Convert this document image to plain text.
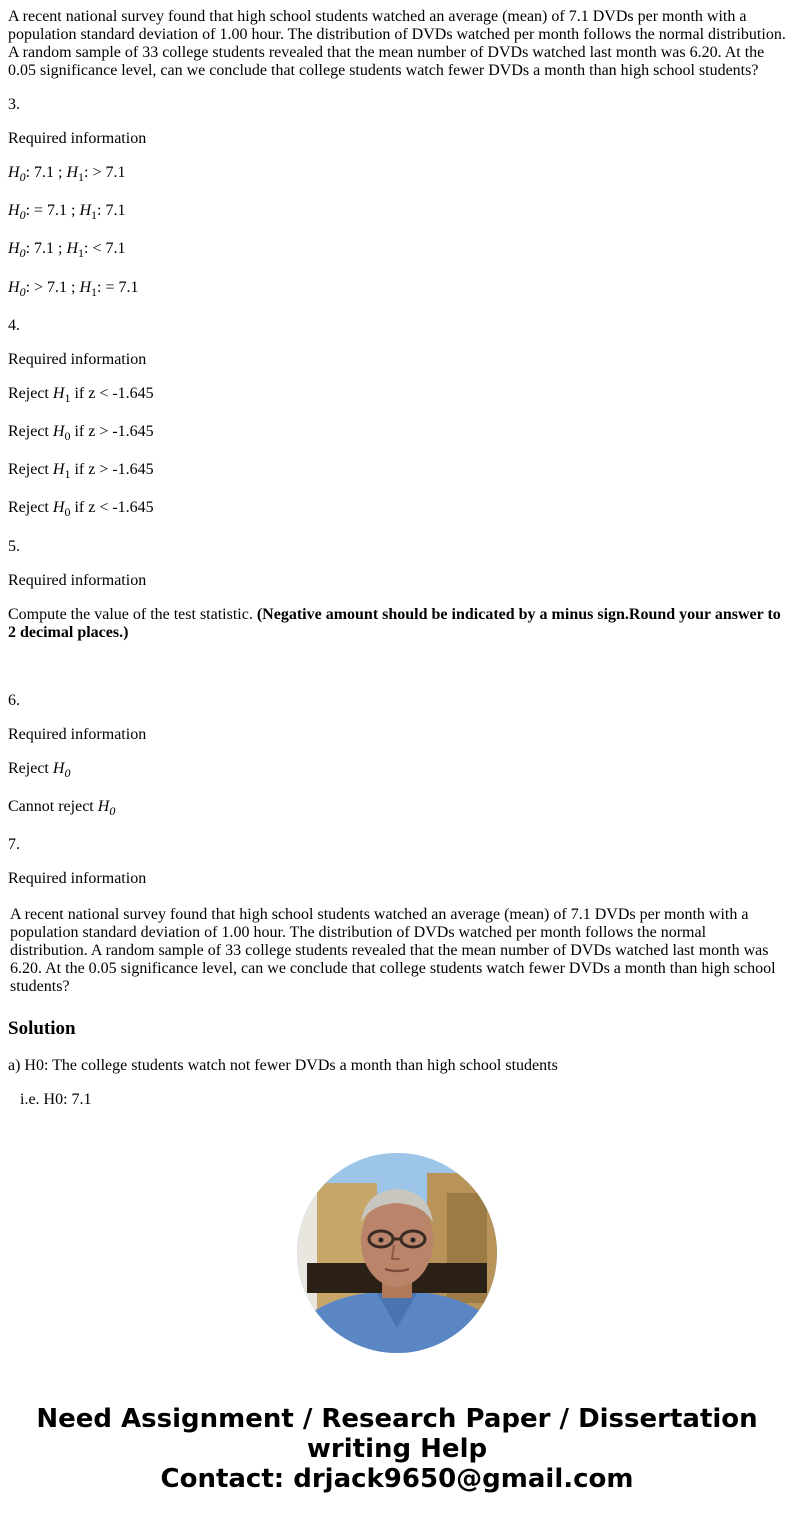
A recent national survey found that high school students watched an average (mean) of 7.1 DVDs per month with a population standard deviation of 1.00 hour. The distribution of DVDs watched per month follows the normal distribution. A random sample of 33 college students revealed that the mean number of DVDs watched last month was 6.20. At the 0.05 significance level, can we conclude that college students watch fewer DVDs a month than high school students?

3.

Required information

$H_0$: 7.1 ; $H_1$: > 7.1

$H_0$: = 7.1 ; $H_1$: 7.1

$H_0$: 7.1 ; $H_1$: < 7.1

$H_0$: > 7.1 ; $H_1$: = 7.1

4.

Required information

Reject $H_1$ if z < -1.645

Reject $H_0$ if z > -1.645

Reject $H_1$ if z > -1.645

Reject $H_0$ if z < -1.645

5.

Required information

Compute the value of the test statistic. (Negative amount should be indicated by a minus sign.Round your answer to 2 decimal places.)

6.

Required information

Reject $H_0$

Cannot reject $H_0$

7.

Required information

A recent national survey found that high school students watched an average (mean) of 7.1 DVDs per month with a population standard deviation of 1.00 hour. The distribution of DVDs watched per month follows the normal distribution. A random sample of 33 college students revealed that the mean number of DVDs watched last month was 6.20. At the 0.05 significance level, can we conclude that college students watch fewer DVDs a month than high school students?

Solution

a) H0: The college students watch not fewer DVDs a month than high school students

i.e. H0: 7.1

Need Assignment / Research Paper / Dissertation writing Help
Contact: drjack9650@gmail.com
